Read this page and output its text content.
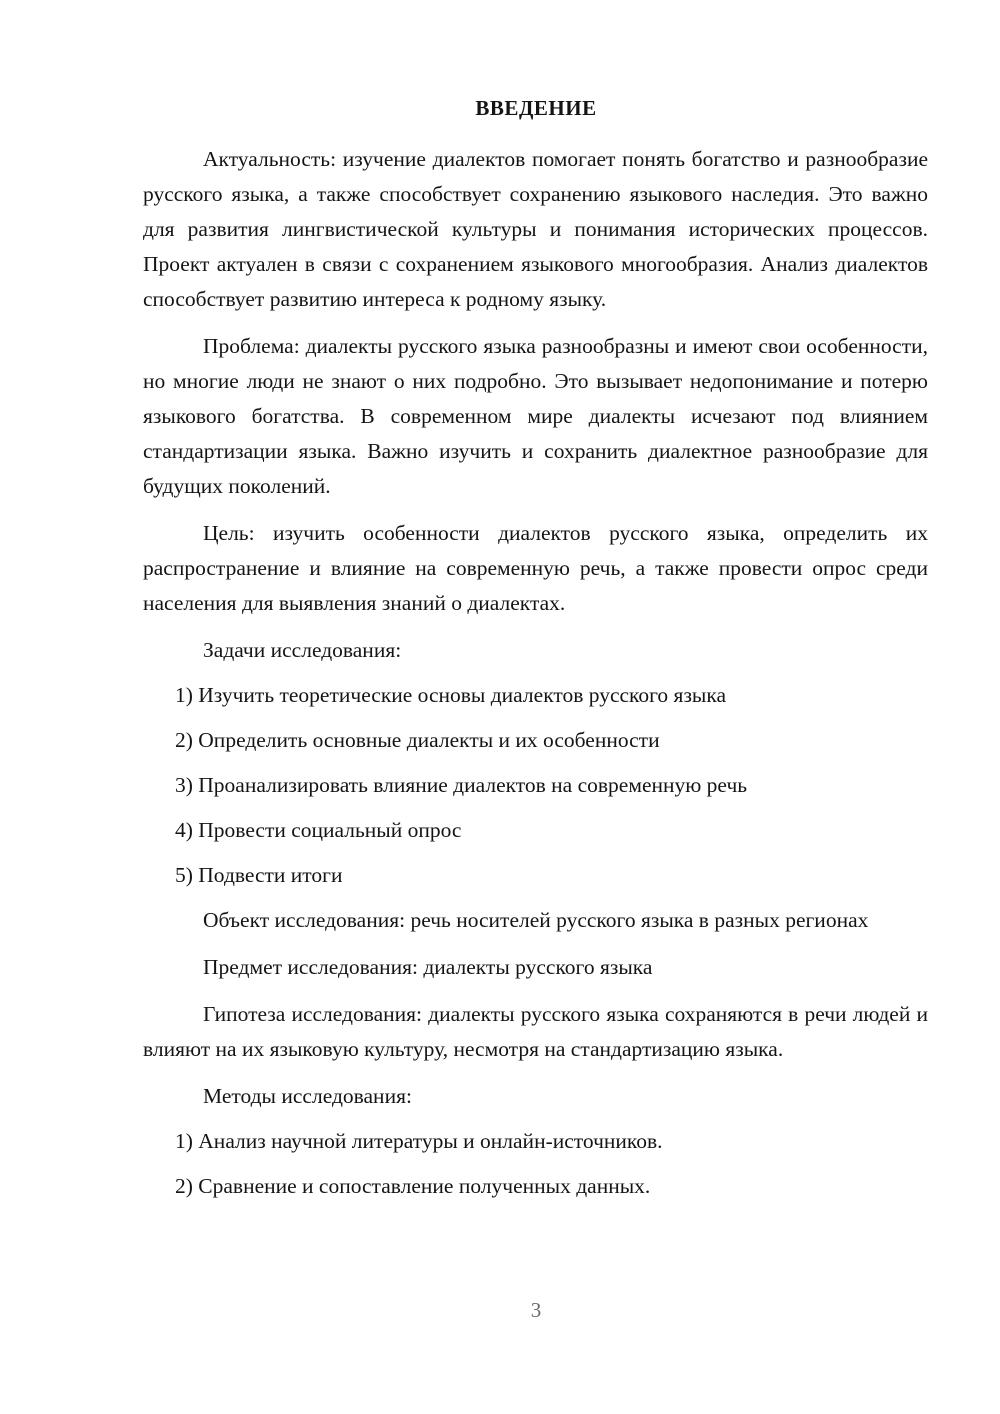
ВВЕДЕНИЕ

Актуальность: изучение диалектов помогает понять богатство и разнообразие русского языка, а также способствует сохранению языкового наследия. Это важно для развития лингвистической культуры и понимания исторических процессов. Проект актуален в связи с сохранением языкового многообразия. Анализ диалектов способствует развитию интереса к родному языку.

Проблема: диалекты русского языка разнообразны и имеют свои особенности, но многие люди не знают о них подробно. Это вызывает недопонимание и потерю языкового богатства. В современном мире диалекты исчезают под влиянием стандартизации языка. Важно изучить и сохранить диалектное разнообразие для будущих поколений.

Цель: изучить особенности диалектов русского языка, определить их распространение и влияние на современную речь, а также провести опрос среди населения для выявления знаний о диалектах.

Задачи исследования:

1) Изучить теоретические основы диалектов русского языка

2) Определить основные диалекты и их особенности

3) Проанализировать влияние диалектов на современную речь

4) Провести социальный опрос

5) Подвести итоги

Объект исследования: речь носителей русского языка в разных регионах

Предмет исследования: диалекты русского языка

Гипотеза исследования: диалекты русского языка сохраняются в речи людей и влияют на их языковую культуру, несмотря на стандартизацию языка.

Методы исследования:

1) Анализ научной литературы и онлайн-источников.

2) Сравнение и сопоставление полученных данных.

3
